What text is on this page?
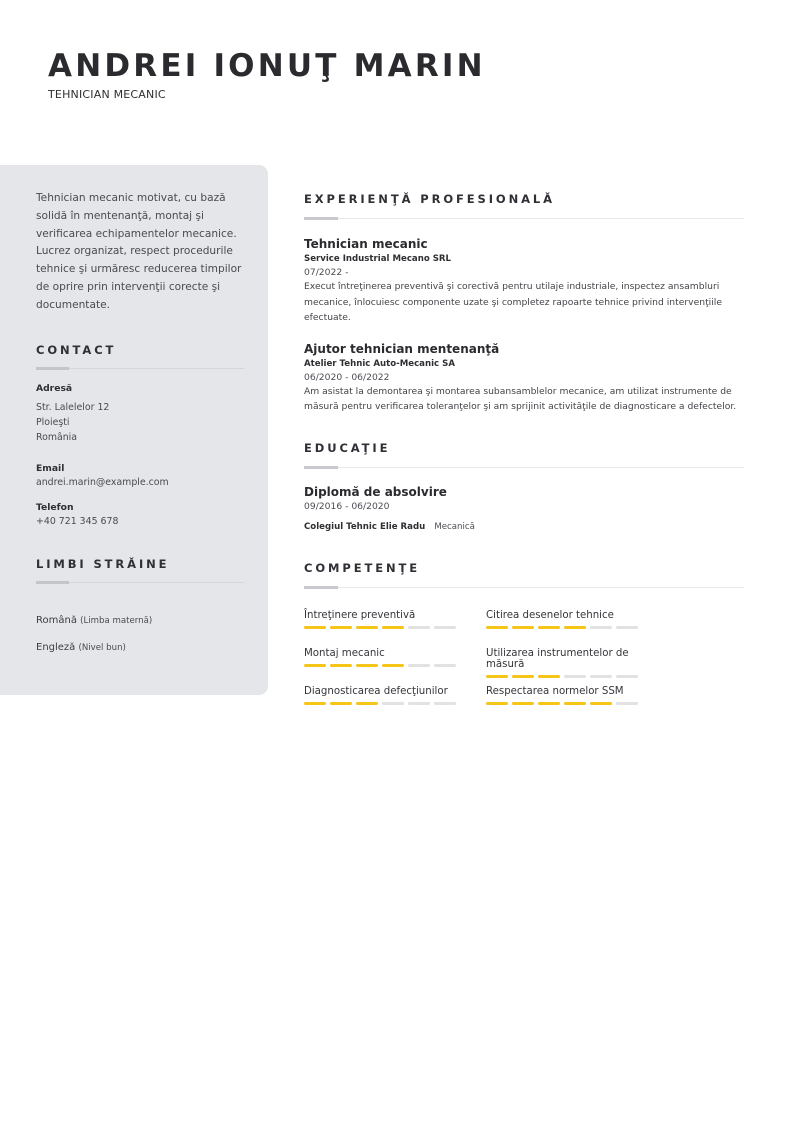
ANDREI IONUŢ MARIN
TEHNICIAN MECANIC

Tehnician mecanic motivat, cu bază solidă în mentenanţă, montaj şi verificarea echipamentelor mecanice. Lucrez organizat, respect procedurile tehnice şi urmăresc reducerea timpilor de oprire prin intervenţii corecte şi documentate.

CONTACT
Adresă
Str. Lalelelor 12
Ploieşti
România
Email
andrei.marin@example.com
Telefon
+40 721 345 678
LIMBI STRĂINE
Română (Limba maternă)
Engleză (Nivel bun)
EXPERIENŢĂ PROFESIONALĂ
Tehnician mecanic
Service Industrial Mecano SRL
07/2022 -
Execut întreţinerea preventivă şi corectivă pentru utilaje industriale, inspectez ansambluri mecanice, înlocuiesc componente uzate şi completez rapoarte tehnice privind intervenţiile efectuate.
Ajutor tehnician mentenanţă
Atelier Tehnic Auto-Mecanic SA
06/2020 - 06/2022
Am asistat la demontarea şi montarea subansamblelor mecanice, am utilizat instrumente de măsură pentru verificarea toleranţelor şi am sprijinit activităţile de diagnosticare a defectelor.
EDUCAŢIE
Diplomă de absolvire
09/2016 - 06/2020
Colegiul Tehnic Elie Radu Mecanică
COMPETENŢE
Întreţinere preventivă	Citirea desenelor tehnice
Montaj mecanic	Utilizarea instrumentelor de măsură
Diagnosticarea defecţiunilor	Respectarea normelor SSM
